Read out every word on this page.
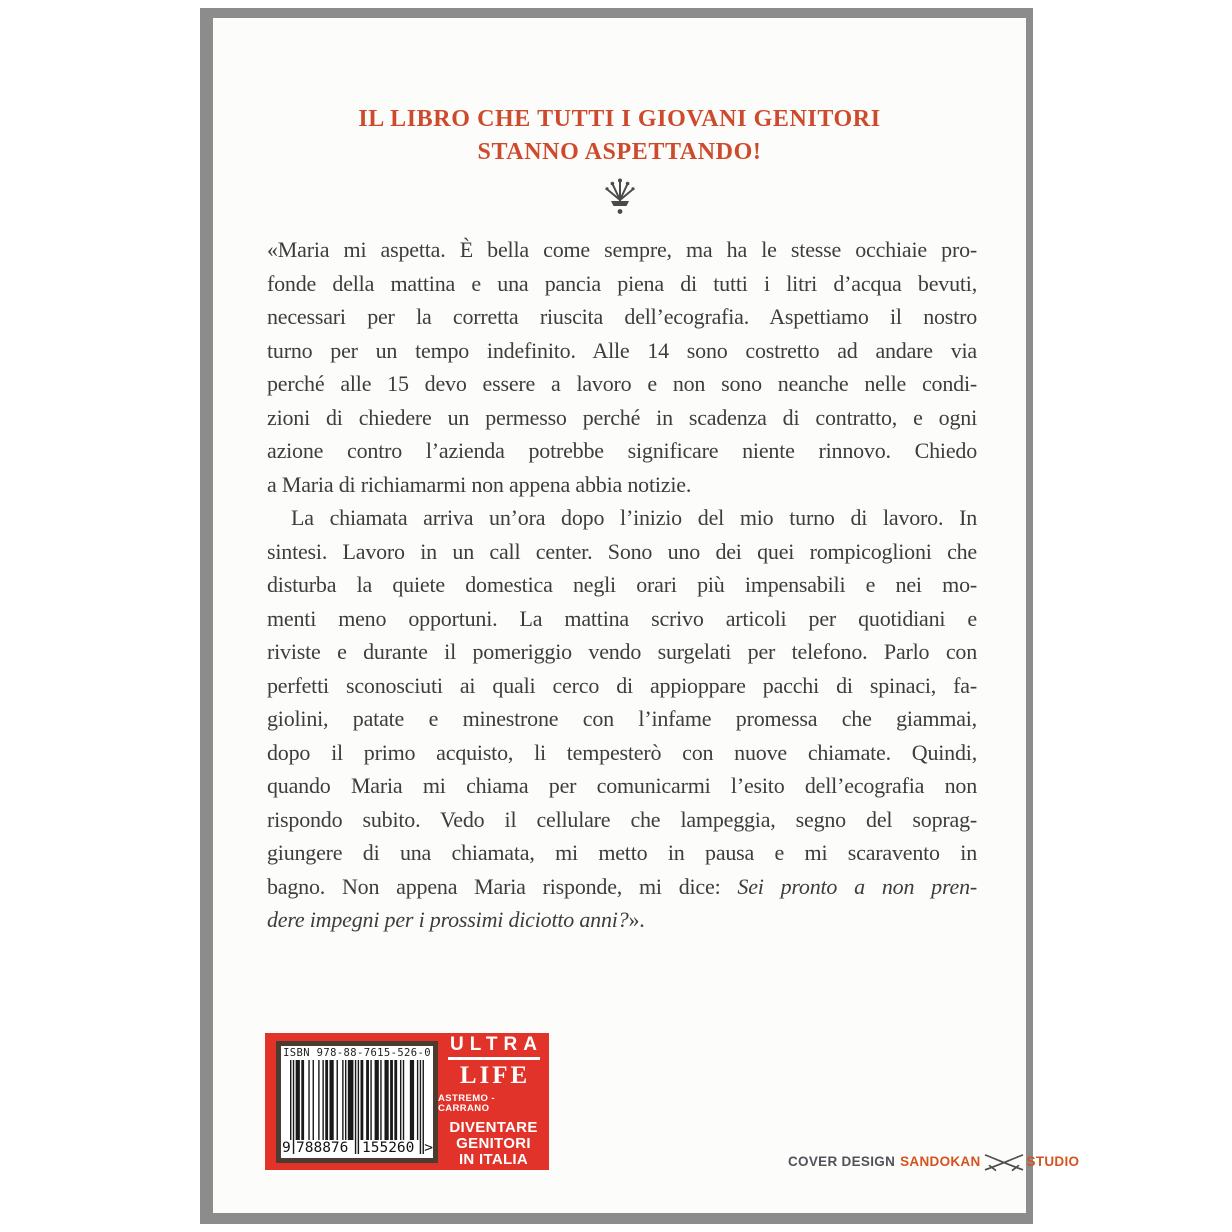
IL LIBRO CHE TUTTI I GIOVANI GENITORI
STANNO ASPETTANDO!
«Maria mi aspetta. È bella come sempre, ma ha le stesse occhiaie pro-
fonde della mattina e una pancia piena di tutti i litri d’acqua bevuti,
necessari per la corretta riuscita dell’ecografia. Aspettiamo il nostro
turno per un tempo indefinito. Alle 14 sono costretto ad andare via
perché alle 15 devo essere a lavoro e non sono neanche nelle condi-
zioni di chiedere un permesso perché in scadenza di contratto, e ogni
azione contro l’azienda potrebbe significare niente rinnovo. Chiedo
a Maria di richiamarmi non appena abbia notizie.
La chiamata arriva un’ora dopo l’inizio del mio turno di lavoro. In
sintesi. Lavoro in un call center. Sono uno dei quei rompicoglioni che
disturba la quiete domestica negli orari più impensabili e nei mo-
menti meno opportuni. La mattina scrivo articoli per quotidiani e
riviste e durante il pomeriggio vendo surgelati per telefono. Parlo con
perfetti sconosciuti ai quali cerco di appioppare pacchi di spinaci, fa-
giolini, patate e minestrone con l’infame promessa che giammai,
dopo il primo acquisto, li tempesterò con nuove chiamate. Quindi,
quando Maria mi chiama per comunicarmi l’esito dell’ecografia non
rispondo subito. Vedo il cellulare che lampeggia, segno del soprag-
giungere di una chiamata, mi metto in pausa e mi scaravento in
bagno. Non appena Maria risponde, mi dice: Sei pronto a non pren-
dere impegni per i prossimi diciotto anni?».
ISBN 978-88-7615-526-0
9 788876 155260 >
ULTRA
LIFE
ASTREMO - CARRANO
DIVENTARE
GENITORI
IN ITALIA	COVER DESIGN SANDOKAN	STUDIO
